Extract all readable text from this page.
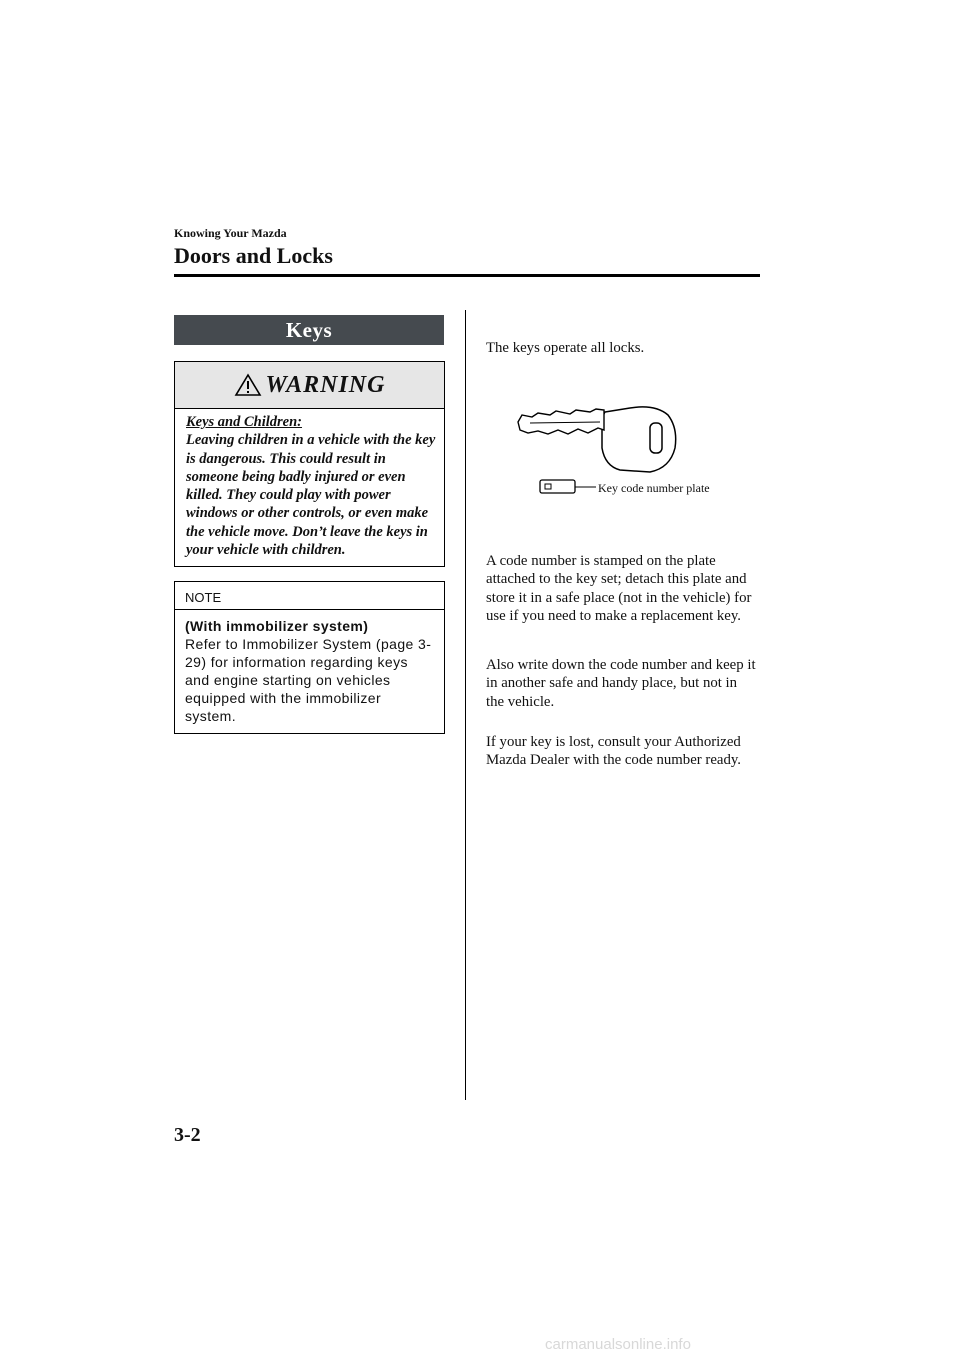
Knowing Your Mazda
Doors and Locks
Keys
WARNING
Keys and Children:
Leaving children in a vehicle with the key is dangerous. This could result in someone being badly injured or even killed. They could play with power windows or other controls, or even make the vehicle move. Don’t leave the keys in your vehicle with children.
NOTE
(With immobilizer system)
Refer to Immobilizer System (page 3-29) for information regarding keys and engine starting on vehicles equipped with the immobilizer system.

The keys operate all locks.

Key code number plate

A code number is stamped on the plate attached to the key set; detach this plate and store it in a safe place (not in the vehicle) for use if you need to make a replacement key.

Also write down the code number and keep it in another safe and handy place, but not in the vehicle.

If your key is lost, consult your Authorized Mazda Dealer with the code number ready.

3-2
carmanualsonline.info
